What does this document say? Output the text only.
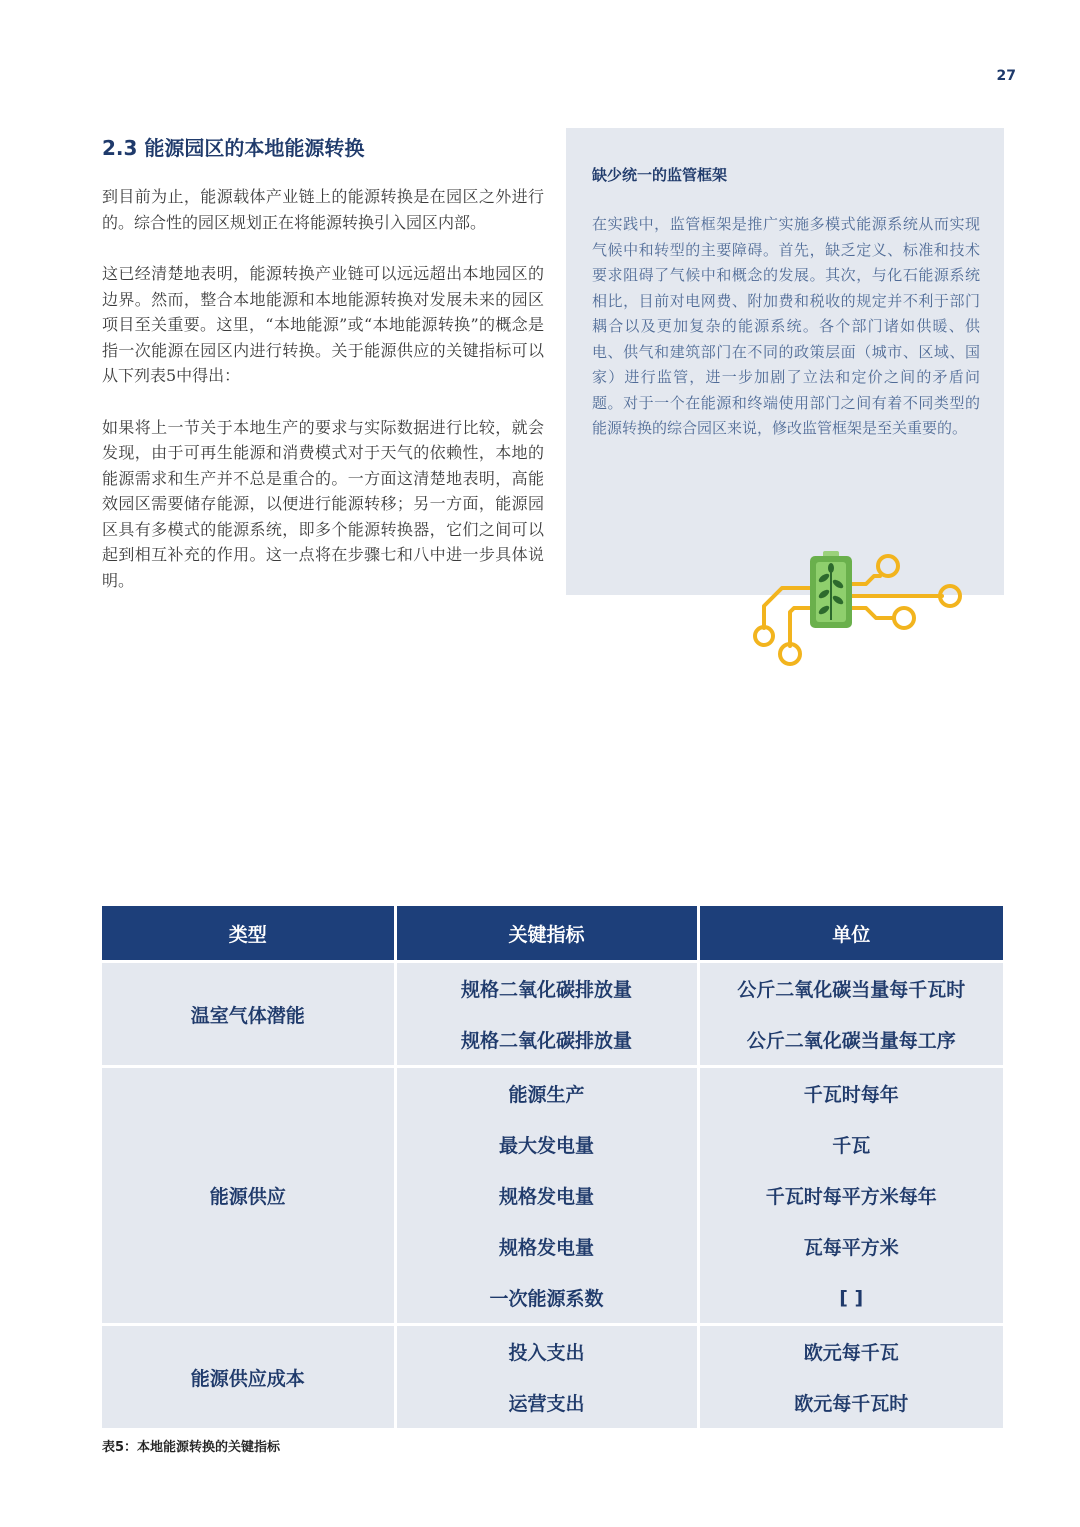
27
2.3 能源园区的本地能源转换

到目前为止，能源载体产业链上的能源转换是在园区之外进行的。综合性的园区规划正在将能源转换引入园区内部。

这已经清楚地表明，能源转换产业链可以远远超出本地园区的边界。然而，整合本地能源和本地能源转换对发展未来的园区项目至关重要。这里，“本地能源”或“本地能源转换”的概念是指一次能源在园区内进行转换。关于能源供应的关键指标可以从下列表5中得出：

如果将上一节关于本地生产的要求与实际数据进行比较，就会发现，由于可再生能源和消费模式对于天气的依赖性，本地的能源需求和生产并不总是重合的。一方面这清楚地表明，高能效园区需要储存能源，以便进行能源转移；另一方面，能源园区具有多模式的能源系统，即多个能源转换器，它们之间可以起到相互补充的作用。这一点将在步骤七和八中进一步具体说明。

缺少统一的监管框架

在实践中，监管框架是推广实施多模式能源系统从而实现气候中和转型的主要障碍。首先，缺乏定义、标准和技术要求阻碍了气候中和概念的发展。其次，与化石能源系统相比，目前对电网费、附加费和税收的规定并不利于部门耦合以及更加复杂的能源系统。各个部门诸如供暖、供电、供气和建筑部门在不同的政策层面（城市、区域、国家）进行监管，进一步加剧了立法和定价之间的矛盾问题。对于一个在能源和终端使用部门之间有着不同类型的能源转换的综合园区来说，修改监管框架是至关重要的。

类型	关键指标	单位
温室气体潜能	规格二氧化碳排放量	公斤二氧化碳当量每千瓦时
	规格二氧化碳排放量	公斤二氧化碳当量每工序
能源供应	能源生产	千瓦时每年
	最大发电量	千瓦
	规格发电量	千瓦时每平方米每年
	规格发电量	瓦每平方米
	一次能源系数	[ ]
能源供应成本	投入支出	欧元每千瓦
	运营支出	欧元每千瓦时
表5：本地能源转换的关键指标
